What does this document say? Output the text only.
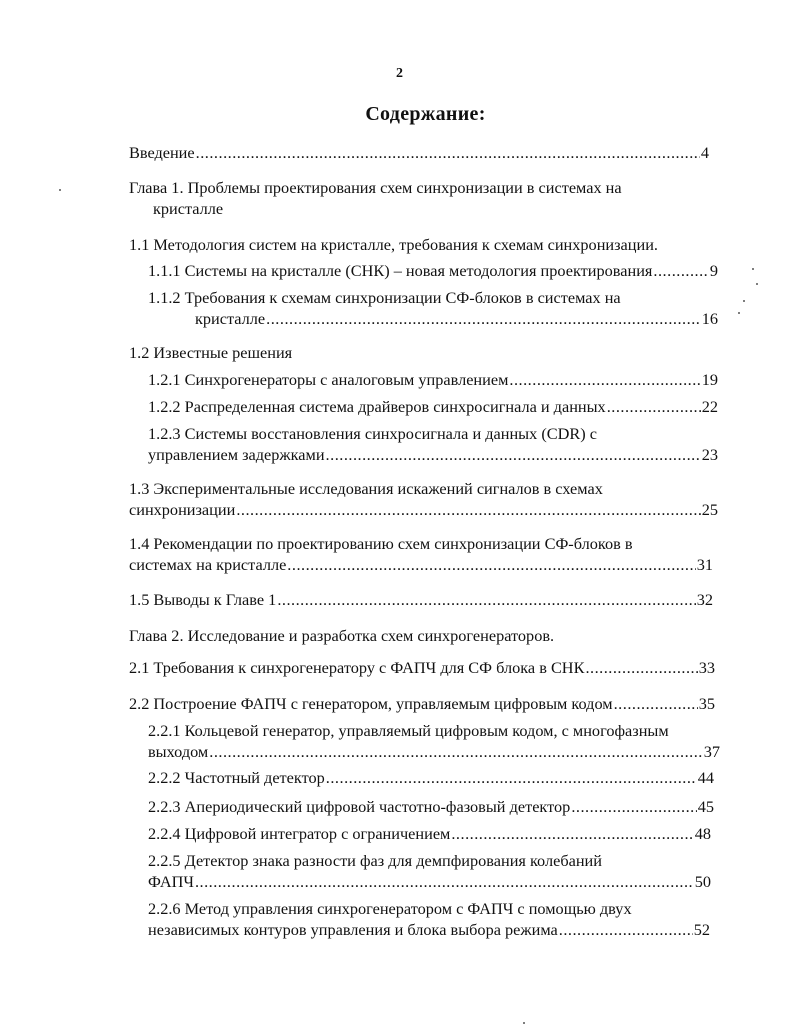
2
Содержание:
Введение .....	4
Глава 1. Проблемы проектирования схем синхронизации в системах на
кристалле
1.1 Методология систем на кристалле, требования к схемам синхронизации.
1.1.1 Системы на кристалле (СНК) – новая методология проектирования .....	9
1.1.2 Требования к схемам синхронизации СФ-блоков в системах на
кристалле .....	16
1.2 Известные решения
1.2.1 Синхрогенераторы с аналоговым управлением .....	19
1.2.2 Распределенная система драйверов синхросигнала и данных .....	22
1.2.3 Системы восстановления синхросигнала и данных (CDR) с
управлением задержками .....	23
1.3 Экспериментальные исследования искажений сигналов в схемах
синхронизации .....	25
1.4 Рекомендации по проектированию схем синхронизации СФ-блоков в
системах на кристалле .....	31
1.5 Выводы к Главе 1 .....	32
Глава 2. Исследование и разработка схем синхрогенераторов.
2.1 Требования к синхрогенератору с ФАПЧ для СФ блока в СНК .....	33
2.2 Построение ФАПЧ с генератором, управляемым цифровым кодом .....	35
2.2.1 Кольцевой генератор, управляемый цифровым кодом, с многофазным
выходом .....	37
2.2.2 Частотный детектор .....	44
2.2.3 Апериодический цифровой частотно-фазовый детектор .....	45
2.2.4 Цифровой интегратор с ограничением .....	48
2.2.5 Детектор знака разности фаз для демпфирования колебаний
ФАПЧ .....	50
2.2.6 Метод управления синхрогенератором с ФАПЧ с помощью двух
независимых контуров управления и блока выбора режима .....	52
